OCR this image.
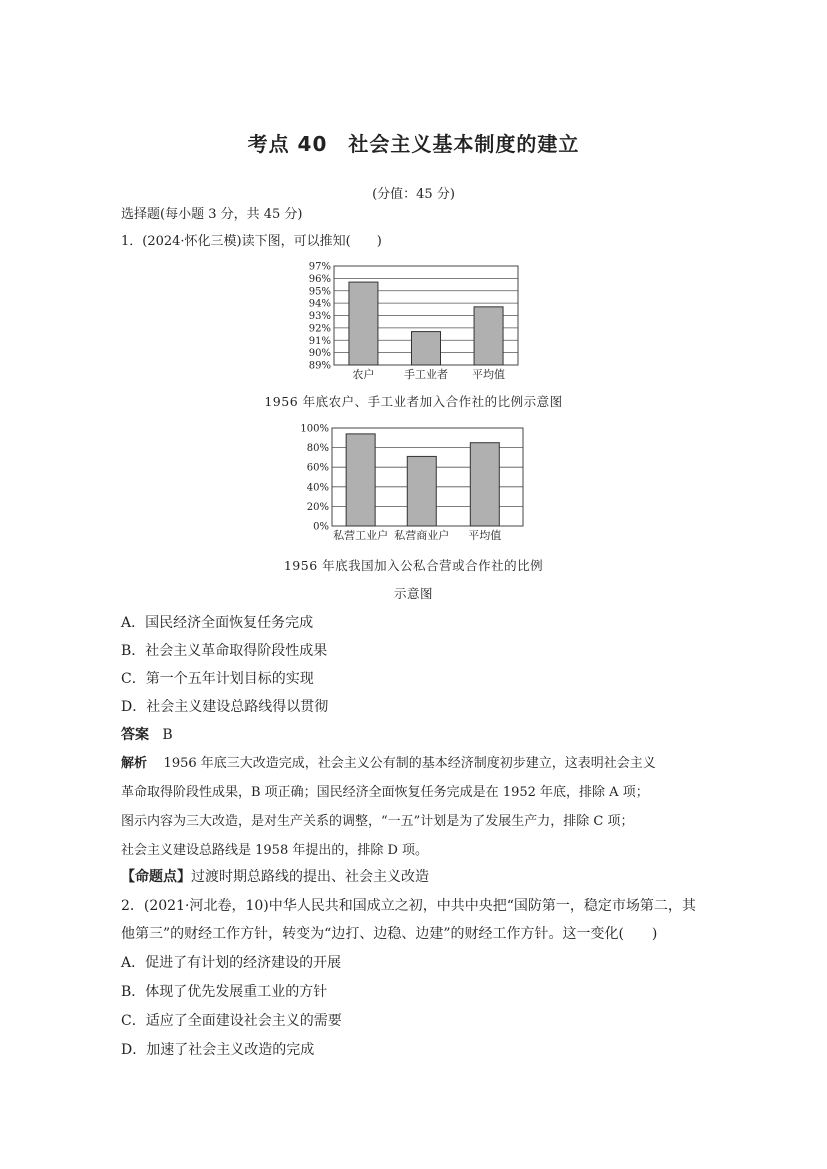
考点 40　社会主义基本制度的建立
(分值：45 分)
选择题(每小题 3 分，共 45 分)
1．(2024·怀化三模)读下图，可以推知(　　)
97%
96%
95%
94%
93%
92%
91%
90%
89%
农户	手工业者 平均值
1956 年底农户、手工业者加入合作社的比例示意图
100%
80%
60%
40%
20%
0%
私营工业户 私营商业户 平均值
1956 年底我国加入公私合营或合作社的比例
示意图
A．国民经济全面恢复任务完成
B．社会主义革命取得阶段性成果
C．第一个五年计划目标的实现
D．社会主义建设总路线得以贯彻
答案 B
解析 1956 年底三大改造完成，社会主义公有制的基本经济制度初步建立，这表明社会主义
革命取得阶段性成果，B 项正确；国民经济全面恢复任务完成是在 1952 年底，排除 A 项；
图示内容为三大改造，是对生产关系的调整，“一五”计划是为了发展生产力，排除 C 项；
社会主义建设总路线是 1958 年提出的，排除 D 项。
【命题点】过渡时期总路线的提出、社会主义改造
2．(2021·河北卷，10)中华人民共和国成立之初，中共中央把“国防第一，稳定市场第二，其
他第三”的财经工作方针，转变为“边打、边稳、边建”的财经工作方针。这一变化(　　)
A．促进了有计划的经济建设的开展
B．体现了优先发展重工业的方针
C．适应了全面建设社会主义的需要
D．加速了社会主义改造的完成
